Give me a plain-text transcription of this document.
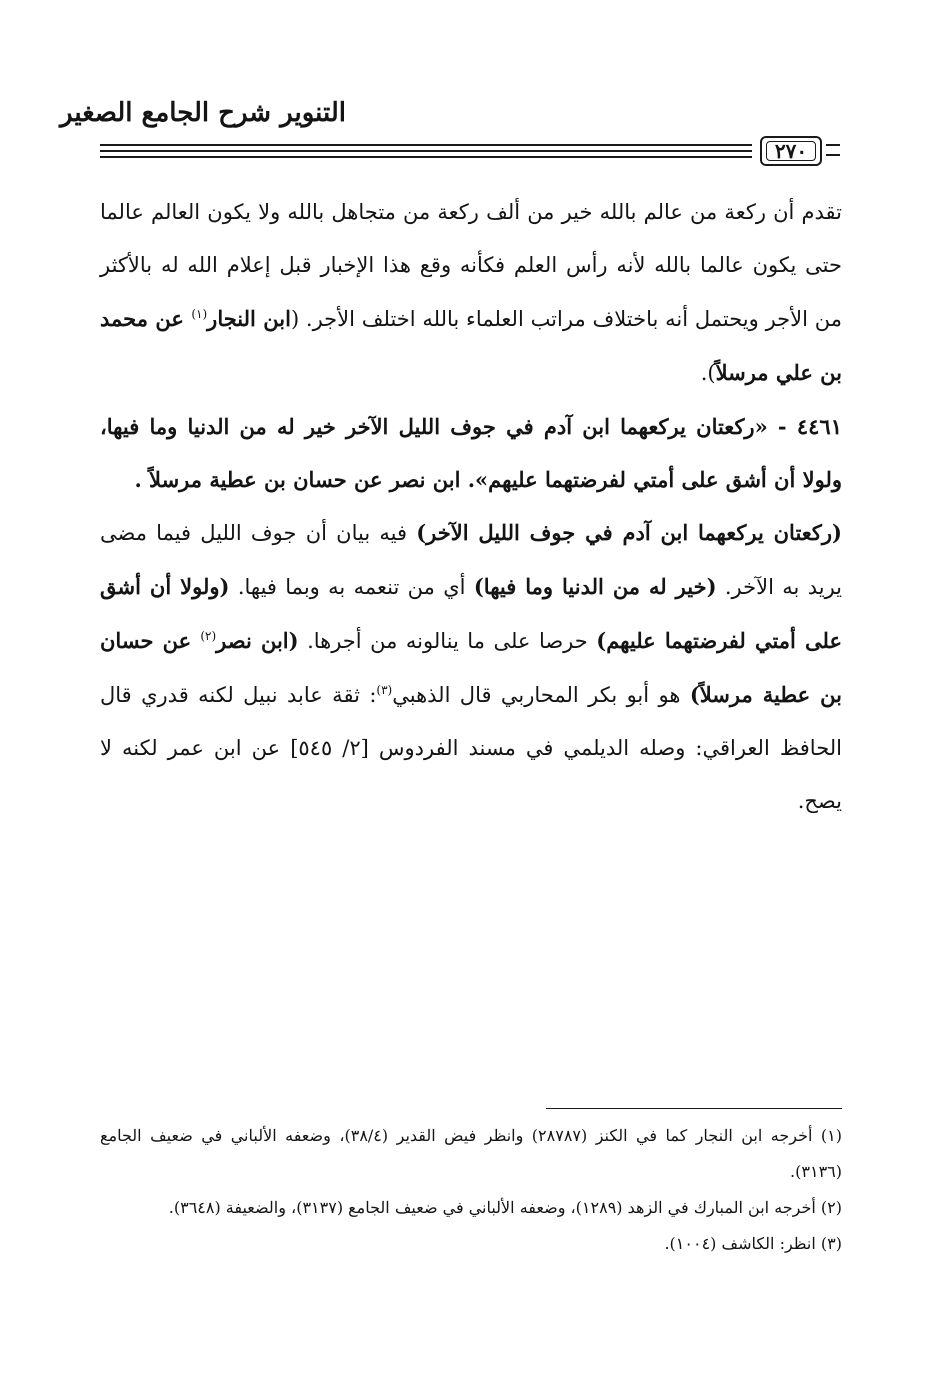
التنوير شرح الجامع الصغير
٢٧٠

تقدم أن ركعة من عالم بالله خير من ألف ركعة من متجاهل بالله ولا يكون العالم عالما حتى يكون عالما بالله لأنه رأس العلم فكأنه وقع هذا الإخبار قبل إعلام الله له بالأكثر من الأجر ويحتمل أنه باختلاف مراتب العلماء بالله اختلف الأجر. (ابن النجار$^{(١)}$ عن محمد بن علي مرسلاً).

٤٤٦١ - «ركعتان يركعهما ابن آدم في جوف الليل الآخر خير له من الدنيا وما فيها، ولولا أن أشق على أمتي لفرضتهما عليهم». ابن نصر عن حسان بن عطية مرسلاً .

(ركعتان يركعهما ابن آدم في جوف الليل الآخر) فيه بيان أن جوف الليل فيما مضى يريد به الآخر. (خير له من الدنيا وما فيها) أي من تنعمه به وبما فيها. (ولولا أن أشق على أمتي لفرضتهما عليهم) حرصا على ما ينالونه من أجرها. (ابن نصر$^{(٢)}$ عن حسان بن عطية مرسلاً) هو أبو بكر المحاربي قال الذهبي$^{(٣)}$: ثقة عابد نبيل لكنه قدري قال الحافظ العراقي: وصله الديلمي في مسند الفردوس [٢/ ٥٤٥] عن ابن عمر لكنه لا يصح.

(١) أخرجه ابن النجار كما في الكنز (٢٨٧٨٧) وانظر فيض القدير (٣٨/٤)، وضعفه الألباني في ضعيف الجامع (٣١٣٦).

(٢) أخرجه ابن المبارك في الزهد (١٢٨٩)، وضعفه الألباني في ضعيف الجامع (٣١٣٧)، والضعيفة (٣٦٤٨).

(٣) انظر: الكاشف (١٠٠٤).
